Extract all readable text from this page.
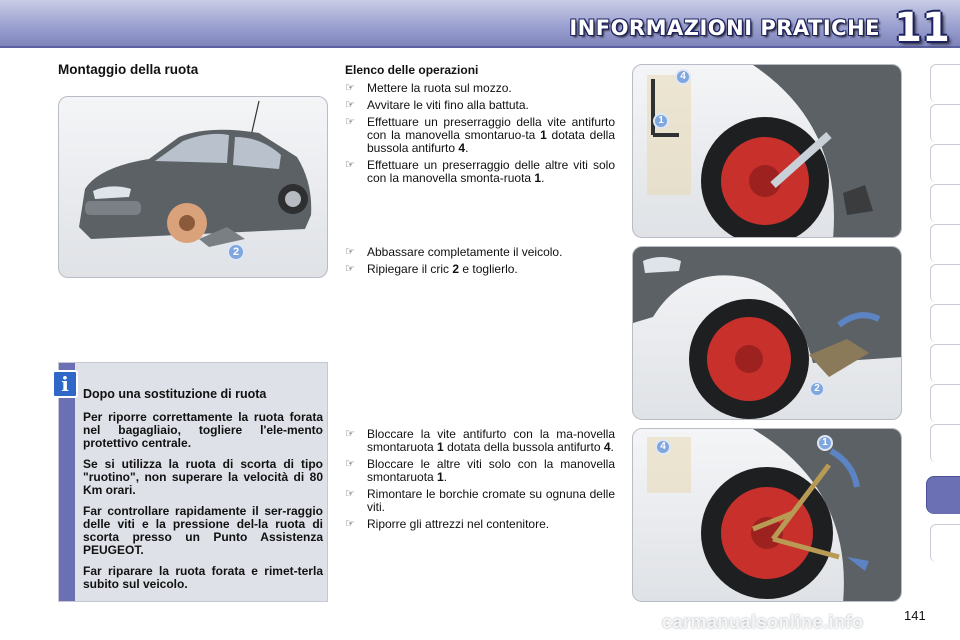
INFORMAZIONI PRATICHE 11
Montaggio della ruota
2
Dopo una sostituzione di ruota

Per riporre correttamente la ruota forata nel bagagliaio, togliere l'ele-mento protettivo centrale.

Se si utilizza la ruota di scorta di tipo "ruotino", non superare la velocità di 80 Km orari.

Far controllare rapidamente il ser-raggio delle viti e la pressione del-la ruota di scorta presso un Punto Assistenza PEUGEOT.

Far riparare la ruota forata e rimet-terla subito sul veicolo.

i
Elenco delle operazioni
☞ Mettere la ruota sul mozzo.
☞ Avvitare le viti fino alla battuta.
☞ Effettuare un preserraggio della vite antifurto con la manovella smontaruo-ta 1 dotata della bussola antifurto 4.
☞ Effettuare un preserraggio delle altre viti solo con la manovella smonta-ruota 1.
☞ Abbassare completamente il veicolo.
☞ Ripiegare il cric 2 e toglierlo.
☞ Bloccare la vite antifurto con la ma-novella smontaruota 1 dotata della bussola antifurto 4.
☞ Bloccare le altre viti solo con la manovella smontaruota 1.
☞ Rimontare le borchie cromate su ognuna delle viti.
☞ Riporre gli attrezzi nel contenitore.
4
1
2
4	1
carmanualsonline.info	141
